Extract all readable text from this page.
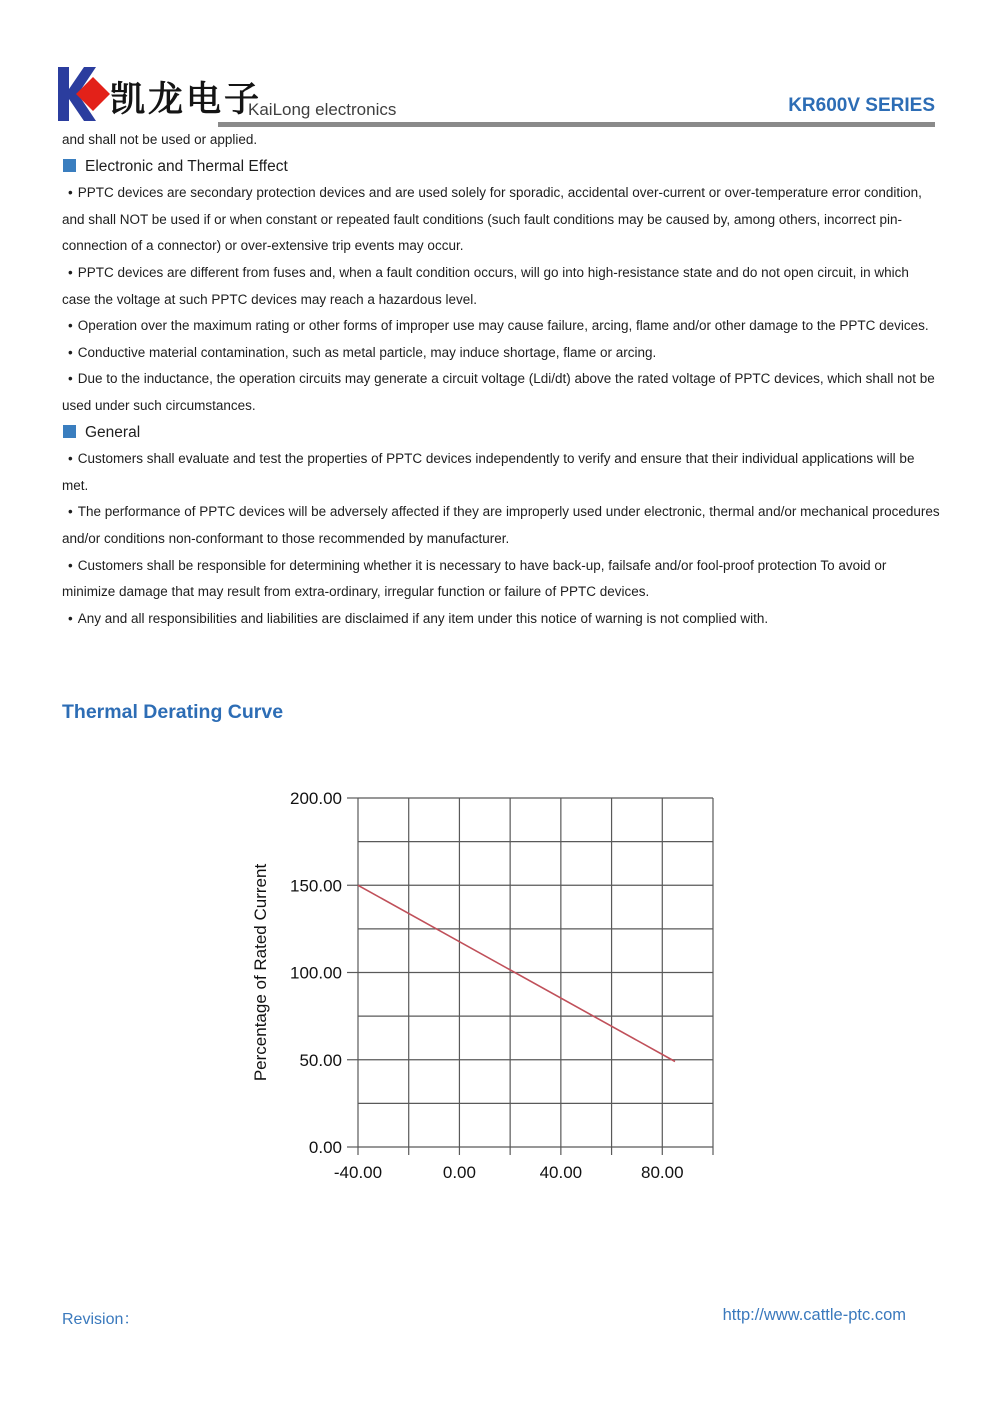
凯龙电子
KaiLong electronics	KR600V SERIES

and shall not be used or applied.

Electronic and Thermal Effect

• PPTC devices are secondary protection devices and are used solely for sporadic, accidental over-current or over-temperature error condition, and shall NOT be used if or when constant or repeated fault conditions (such fault conditions may be caused by, among others, incorrect pin-connection of a connector) or over-extensive trip events may occur.

• PPTC devices are different from fuses and, when a fault condition occurs, will go into high-resistance state and do not open circuit, in which case the voltage at such PPTC devices may reach a hazardous level.

• Operation over the maximum rating or other forms of improper use may cause failure, arcing, flame and/or other damage to the PPTC devices.

• Conductive material contamination, such as metal particle, may induce shortage, flame or arcing.

• Due to the inductance, the operation circuits may generate a circuit voltage (Ldi/dt) above the rated voltage of PPTC devices, which shall not be used under such circumstances.

General

• Customers shall evaluate and test the properties of PPTC devices independently to verify and ensure that their individual applications will be met.

• The performance of PPTC devices will be adversely affected if they are improperly used under electronic, thermal and/or mechanical procedures and/or conditions non-conformant to those recommended by manufacturer.

• Customers shall be responsible for determining whether it is necessary to have back-up, failsafe and/or fool-proof protection To avoid or minimize damage that may result from extra-ordinary, irregular function or failure of PPTC devices.

• Any and all responsibilities and liabilities are disclaimed if any item under this notice of warning is not complied with.

Thermal Derating Curve
0.00
50.00
100.00
150.00
200.00
-40.00	0.00	40.00	80.00
Percentage of Rated Current
Revision：	http://www.cattle-ptc.com
